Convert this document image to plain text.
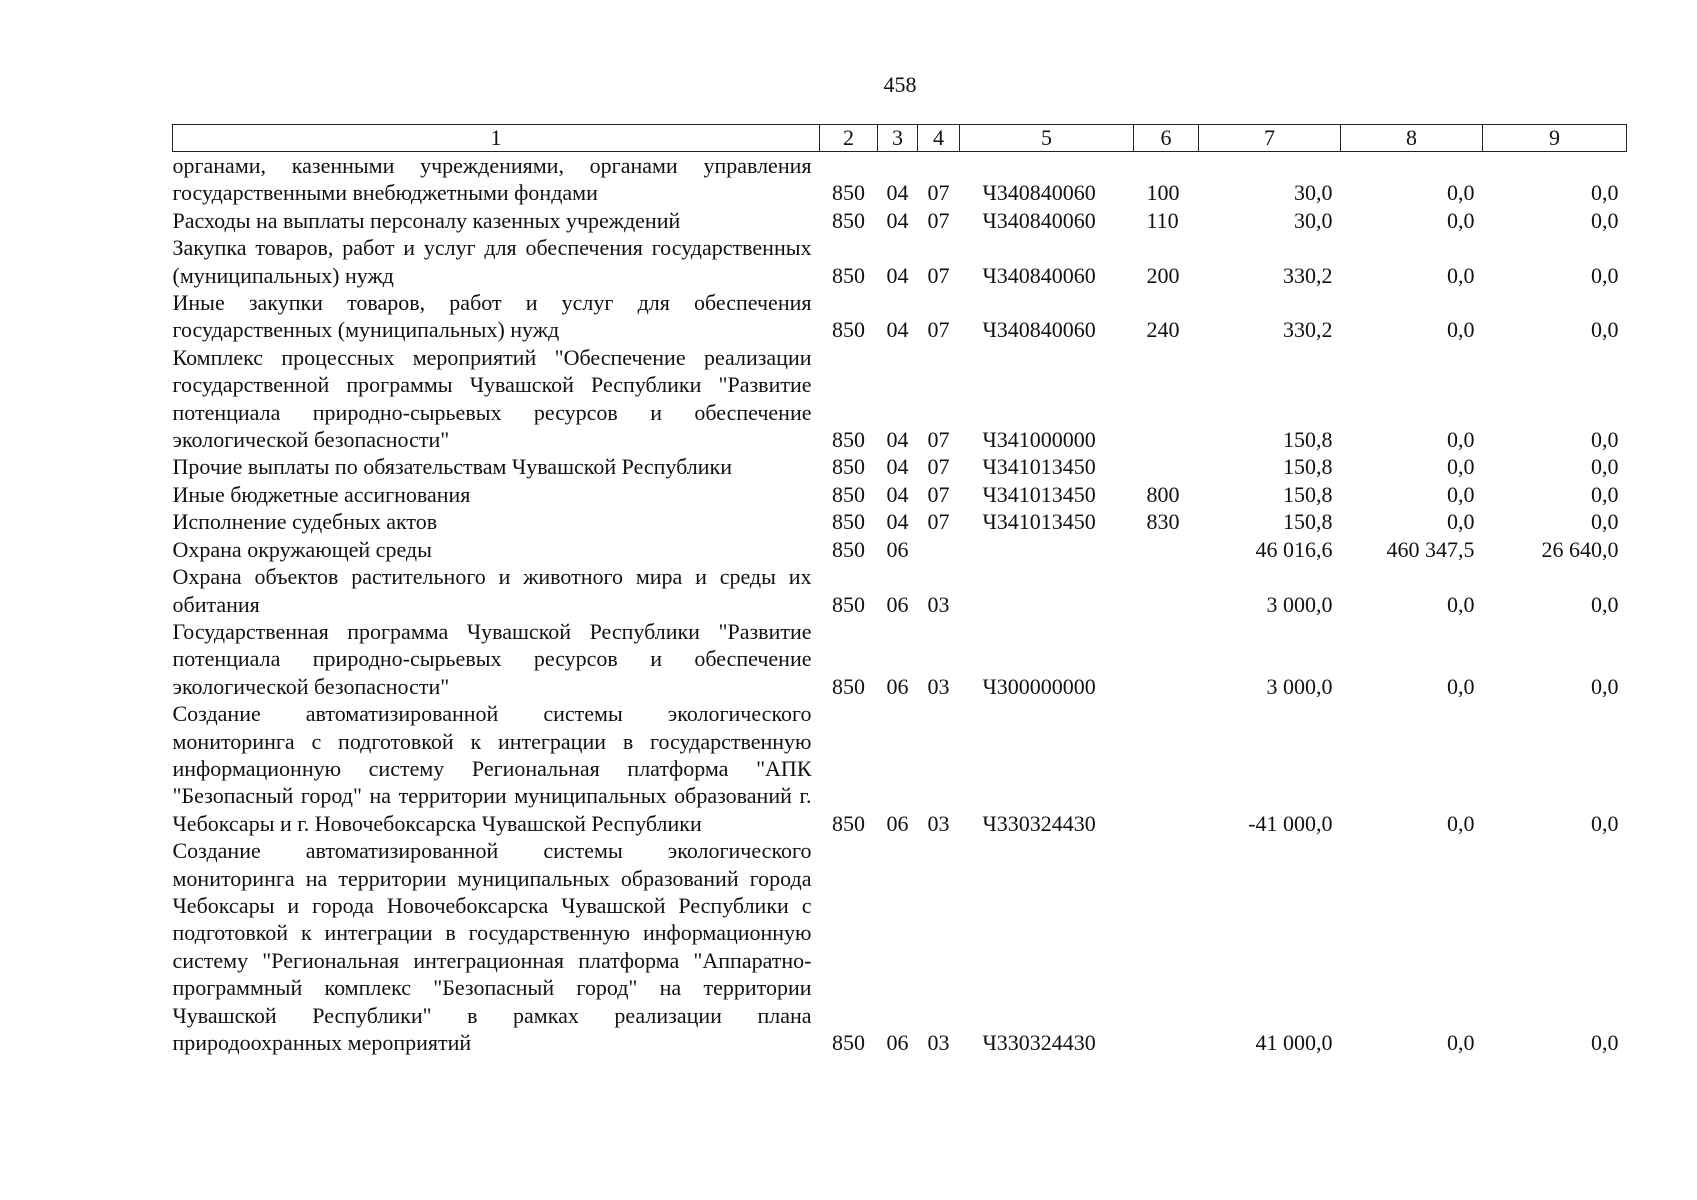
458
1	2	3	4	5	6	7	8	9
органами, казенными учреждениями, органами управления государственными внебюджетными фондами	850	04	07	Ч340840060	100	30,0	0,0	0,0
Расходы на выплаты персоналу казенных учреждений	850	04	07	Ч340840060	110	30,0	0,0	0,0
Закупка товаров, работ и услуг для обеспечения государственных (муниципальных) нужд	850	04	07	Ч340840060	200	330,2	0,0	0,0
Иные закупки товаров, работ и услуг для обеспечения государственных (муниципальных) нужд	850	04	07	Ч340840060	240	330,2	0,0	0,0
Комплекс процессных мероприятий "Обеспечение реализации государственной программы Чувашской Республики "Развитие потенциала природно-сырьевых ресурсов и обеспечение экологической безопасности"	850	04	07	Ч341000000		150,8	0,0	0,0
Прочие выплаты по обязательствам Чувашской Республики	850	04	07	Ч341013450		150,8	0,0	0,0
Иные бюджетные ассигнования	850	04	07	Ч341013450	800	150,8	0,0	0,0
Исполнение судебных актов	850	04	07	Ч341013450	830	150,8	0,0	0,0
Охрана окружающей среды	850	06				46 016,6	460 347,5	26 640,0
Охрана объектов растительного и животного мира и среды их обитания	850	06	03			3 000,0	0,0	0,0
Государственная программа Чувашской Республики "Развитие потенциала природно-сырьевых ресурсов и обеспечение экологической безопасности"	850	06	03	Ч300000000		3 000,0	0,0	0,0
Создание автоматизированной системы экологического мониторинга с подготовкой к интеграции в государственную информационную систему Региональная платформа "АПК "Безопасный город" на территории муниципальных образований г. Чебоксары и г. Новочебоксарска Чувашской Республики	850	06	03	Ч330324430		-41 000,0	0,0	0,0
Создание автоматизированной системы экологического мониторинга на территории муниципальных образований города Чебоксары и города Новочебоксарска Чувашской Республики с подготовкой к интеграции в государственную информационную систему "Региональная интеграционная платформа "Аппаратно-программный комплекс "Безопасный город" на территории Чувашской Республики" в рамках реализации плана природоохранных мероприятий	850	06	03	Ч330324430		41 000,0	0,0	0,0
